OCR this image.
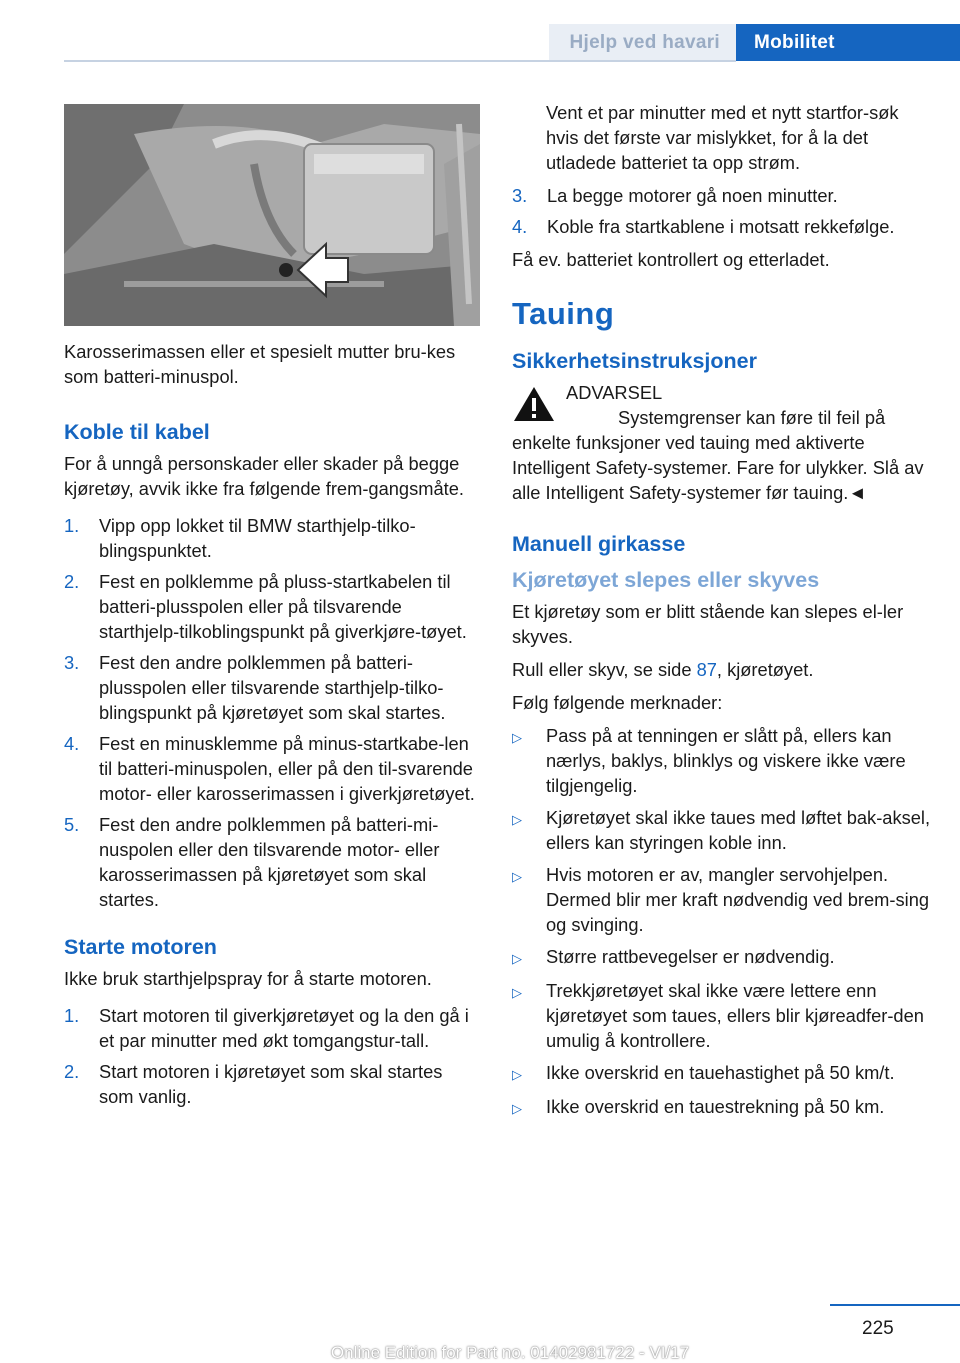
Hjelp ved havari	Mobilitet

Karosserimassen eller et spesielt mutter bru-kes som batteri-minuspol.

Koble til kabel

For å unngå personskader eller skader på begge kjøretøy, avvik ikke fra følgende frem-gangsmåte.

1.	Vipp opp lokket til BMW starthjelp-tilko-blingspunktet.
2.	Fest en polklemme på pluss-startkabelen til batteri-plusspolen eller på tilsvarende starthjelp-tilkoblingspunkt på giverkjøre-tøyet.
3.	Fest den andre polklemmen på batteri-plusspolen eller tilsvarende starthjelp-tilko-blingspunkt på kjøretøyet som skal startes.
4.	Fest en minusklemme på minus-startkabe-len til batteri-minuspolen, eller på den til-svarende motor- eller karosserimassen i giverkjøretøyet.
5.	Fest den andre polklemmen på batteri-mi-nuspolen eller den tilsvarende motor- eller karosserimassen på kjøretøyet som skal startes.
Starte motoren

Ikke bruk starthjelpspray for å starte motoren.

1.	Start motoren til giverkjøretøyet og la den gå i et par minutter med økt tomgangstur-tall.
2.	Start motoren i kjøretøyet som skal startes som vanlig.

Vent et par minutter med et nytt startfor-søk hvis det første var mislykket, for å la det utladede batteriet ta opp strøm.

3.	La begge motorer gå noen minutter.
4.	Koble fra startkablene i motsatt rekkefølge.

Få ev. batteriet kontrollert og etterladet.

Tauing
Sikkerhetsinstruksjoner
ADVARSEL
Systemgrenser kan føre til feil på enkelte funksjoner ved tauing med aktiverte Intelligent Safety-systemer. Fare for ulykker. Slå av alle Intelligent Safety-systemer før tauing.◄
Manuell girkasse
Kjøretøyet slepes eller skyves

Et kjøretøy som er blitt stående kan slepes el-ler skyves.

Rull eller skyv, se side 87, kjøretøyet.

Følg følgende merknader:

▷	Pass på at tenningen er slått på, ellers kan nærlys, baklys, blinklys og viskere ikke være tilgjengelig.
▷	Kjøretøyet skal ikke taues med løftet bak-aksel, ellers kan styringen koble inn.
▷	Hvis motoren er av, mangler servohjelpen. Dermed blir mer kraft nødvendig ved brem-sing og svinging.
▷	Større rattbevegelser er nødvendig.
▷	Trekkjøretøyet skal ikke være lettere enn kjøretøyet som taues, ellers blir kjøreadfer-den umulig å kontrollere.
▷	Ikke overskrid en tauehastighet på 50 km/t.
▷	Ikke overskrid en tauestrekning på 50 km.
225
Online Edition for Part no. 01402981722 - VI/17
